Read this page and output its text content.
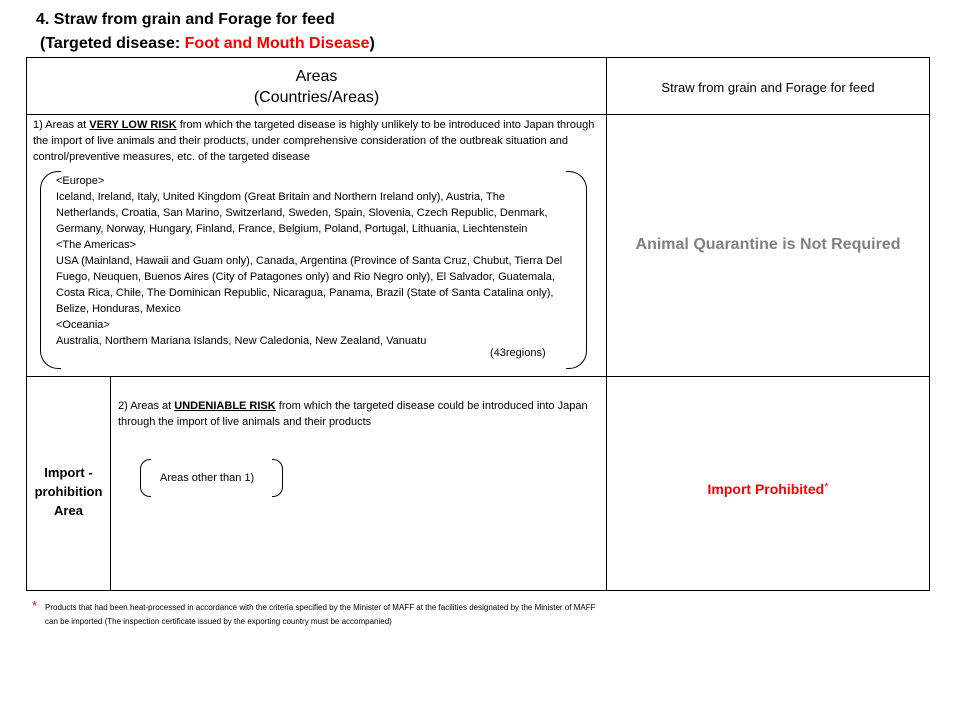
4. Straw from grain and Forage for feed
(Targeted disease: Foot and Mouth Disease)
Areas
(Countries/Areas)
Straw from grain and Forage for feed
1) Areas at VERY LOW RISK from which the targeted disease is highly unlikely to be introduced into Japan through the import of live animals and their products, under comprehensive consideration of the outbreak situation and control/preventive measures, etc. of the targeted disease
<Europe>
Iceland, Ireland, Italy, United Kingdom (Great Britain and Northern Ireland only), Austria, The Netherlands, Croatia, San Marino, Switzerland, Sweden, Spain, Slovenia, Czech Republic, Denmark, Germany, Norway, Hungary, Finland, France, Belgium, Poland, Portugal, Lithuania, Liechtenstein
<The Americas>
USA (Mainland, Hawaii and Guam only), Canada, Argentina (Province of Santa Cruz, Chubut, Tierra Del Fuego, Neuquen, Buenos Aires (City of Patagones only) and Rio Negro only), El Salvador, Guatemala, Costa Rica, Chile, The Dominican Republic, Nicaragua, Panama, Brazil (State of Santa Catalina only), Belize, Honduras, Mexico
<Oceania>
Australia, Northern Mariana Islands, New Caledonia, New Zealand, Vanuatu
(43regions)
Animal Quarantine is Not Required
Import -
prohibition
Area
2) Areas at UNDENIABLE RISK from which the targeted disease could be introduced into Japan through the import of live animals and their products
Areas other than 1)
Import Prohibited*
* Products that had been heat-processed in accordance with the criteria specified by the Minister of MAFF at the facilities designated by the Minister of MAFF
can be imported (The inspection certificate issued by the exporting country must be accompanied)
